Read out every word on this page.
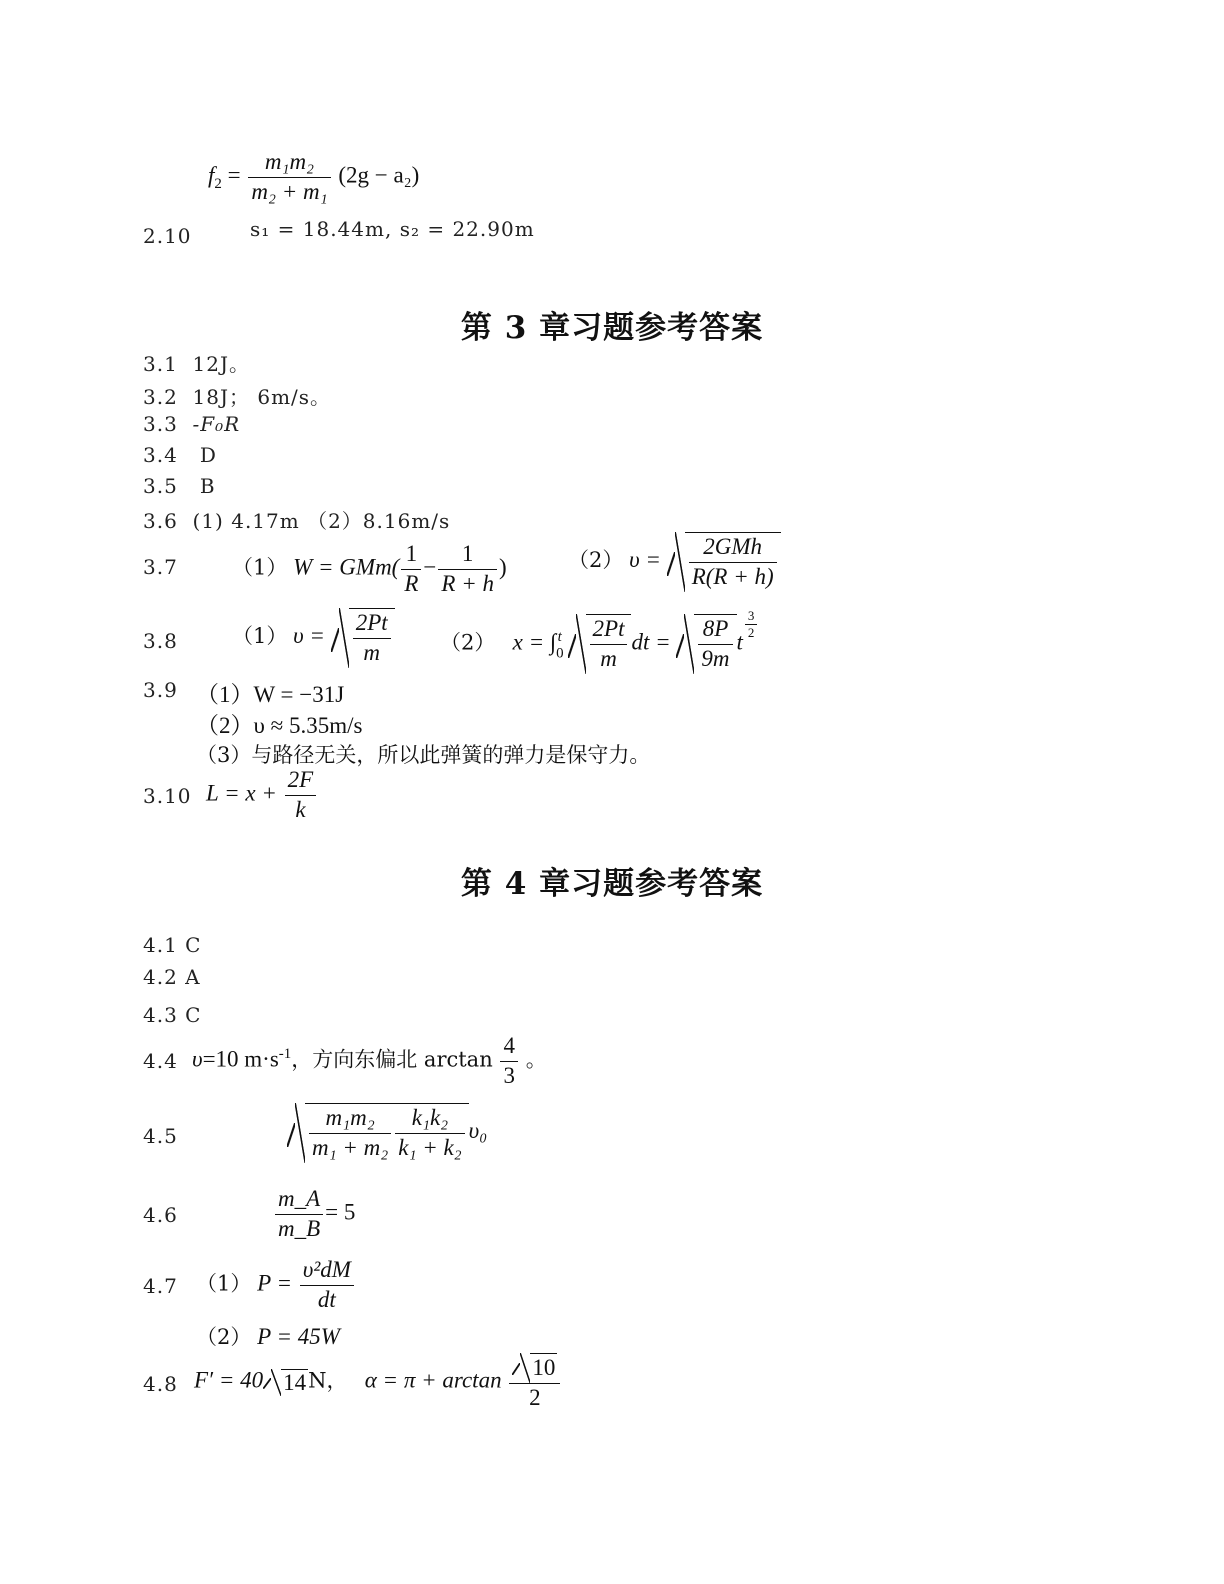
$f_2 = \frac{\text{m₁m₂}}{\text{m₂ + m₁}} (2g - a_2)$
2.10	s₁ = 18.44m, s₂ = 22.90m
第 3 章习题参考答案
3.1 12J。
3.2 18J； 6m/s。
3.3 -F₀R
3.4 D
3.5 B
3.6 (1) 4.17m （2）8.16m/s
3.7	（1） $W = GMm( \frac{1}{R} - \frac{1}{R + h}$ )	（2） $\upsilon = \frac{\text{2GMh}}{R(R + h)}$
3.8	（1） $\upsilon = \frac{2Pt}{m} (2) x = \int_0^t \frac{2Pt}{m}$ dt = $\frac{8P}{9m}$ t
$\frac{3}{2}$
3.9 （1）W = −31J
（2）υ ≈ 5.35m/s
（3）与路径无关，所以此弹簧的弹力是保守力。
3.10 $L = x + \frac{2F}{k}$
第 4 章习题参考答案
4.1 C
4.2 A
4.3 C
4.4 υ=10 $m\cdot s^{-1}$，方向东偏北 $\arctan \frac{4}{3}$ 。
4.5	$\frac{\text{m₁m₂}}{\text{m₁ + m₂}} \frac{\text{k₁k₂}}{\text{k₁ + k₂}} \upsilon_0$
4.6	$\frac{m\_A}{m\_B} = 5$
4.7 （1） $P = \frac{\text{υ²dM}}{dt}$
（2） P = 45W
4.8 F′ = 40 14N， $\alpha = \pi + \arctan \frac{10}{2}$
